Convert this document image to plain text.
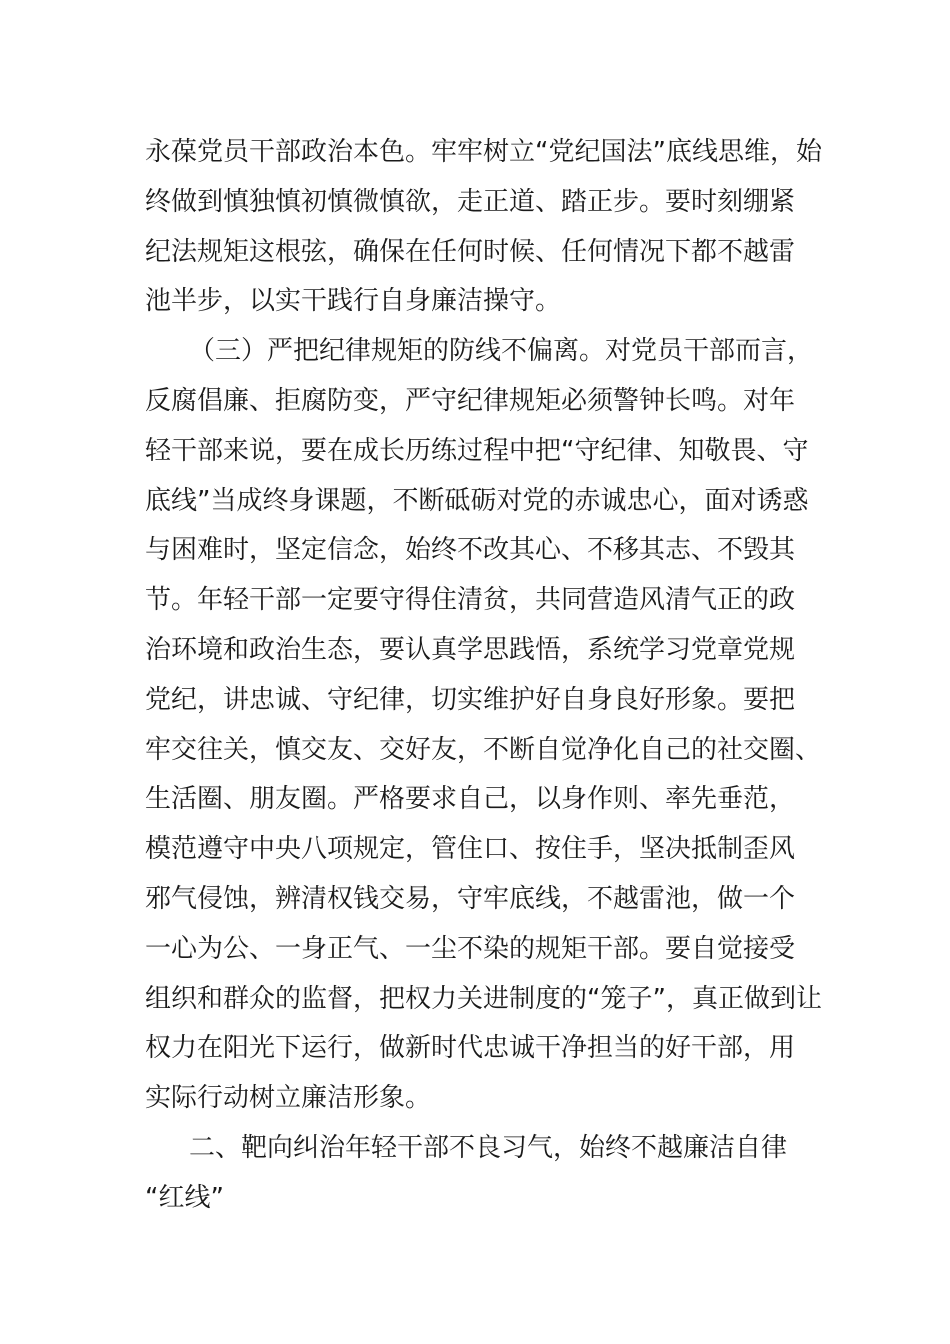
永葆党员干部政治本色。牢牢树立“党纪国法”底线思维，始
终做到慎独慎初慎微慎欲，走正道、踏正步。要时刻绷紧
纪法规矩这根弦，确保在任何时候、任何情况下都不越雷
池半步，以实干践行自身廉洁操守。
（三）严把纪律规矩的防线不偏离。对党员干部而言，
反腐倡廉、拒腐防变，严守纪律规矩必须警钟长鸣。对年
轻干部来说，要在成长历练过程中把“守纪律、知敬畏、守
底线”当成终身课题，不断砥砺对党的赤诚忠心，面对诱惑
与困难时，坚定信念，始终不改其心、不移其志、不毁其
节。年轻干部一定要守得住清贫，共同营造风清气正的政
治环境和政治生态，要认真学思践悟，系统学习党章党规
党纪，讲忠诚、守纪律，切实维护好自身良好形象。要把
牢交往关，慎交友、交好友，不断自觉净化自己的社交圈、
生活圈、朋友圈。严格要求自己，以身作则、率先垂范，
模范遵守中央八项规定，管住口、按住手，坚决抵制歪风
邪气侵蚀，辨清权钱交易，守牢底线，不越雷池，做一个
一心为公、一身正气、一尘不染的规矩干部。要自觉接受
组织和群众的监督，把权力关进制度的“笼子”，真正做到让
权力在阳光下运行，做新时代忠诚干净担当的好干部，用
实际行动树立廉洁形象。
二、靶向纠治年轻干部不良习气，始终不越廉洁自律
“红线”
